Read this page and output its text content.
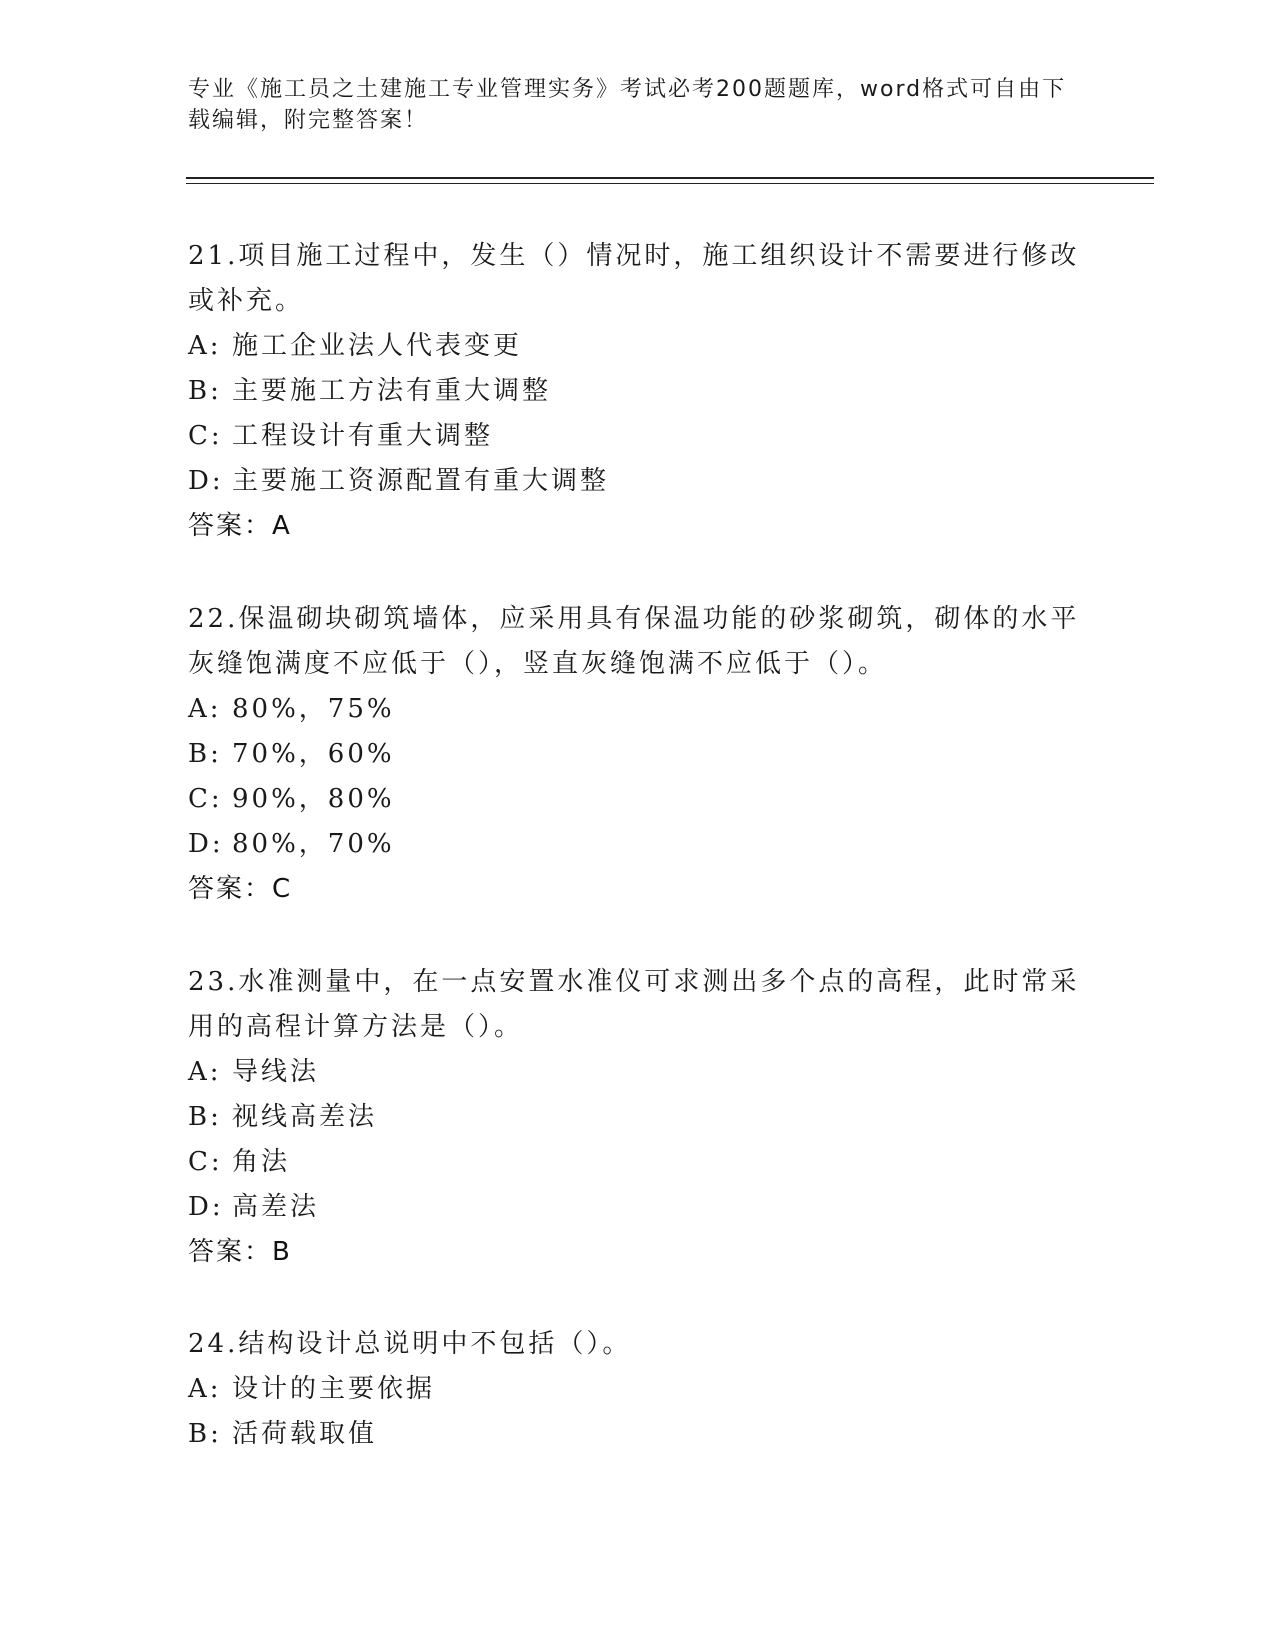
专业《施工员之土建施工专业管理实务》考试必考200题题库，word格式可自由下载编辑，附完整答案！

21.项目施工过程中，发生（）情况时，施工组织设计不需要进行修改或补充。

A: 施工企业法人代表变更
B: 主要施工方法有重大调整
C: 工程设计有重大调整
D: 主要施工资源配置有重大调整
答案：A

22.保温砌块砌筑墙体，应采用具有保温功能的砂浆砌筑，砌体的水平灰缝饱满度不应低于（），竖直灰缝饱满不应低于（）。

A: 80%，75%
B: 70%，60%
C: 90%，80%
D: 80%，70%
答案：C

23.水准测量中，在一点安置水准仪可求测出多个点的高程，此时常采用的高程计算方法是（）。

A: 导线法
B: 视线高差法
C: 角法
D: 高差法
答案：B

24.结构设计总说明中不包括（）。

A: 设计的主要依据
B: 活荷载取值
